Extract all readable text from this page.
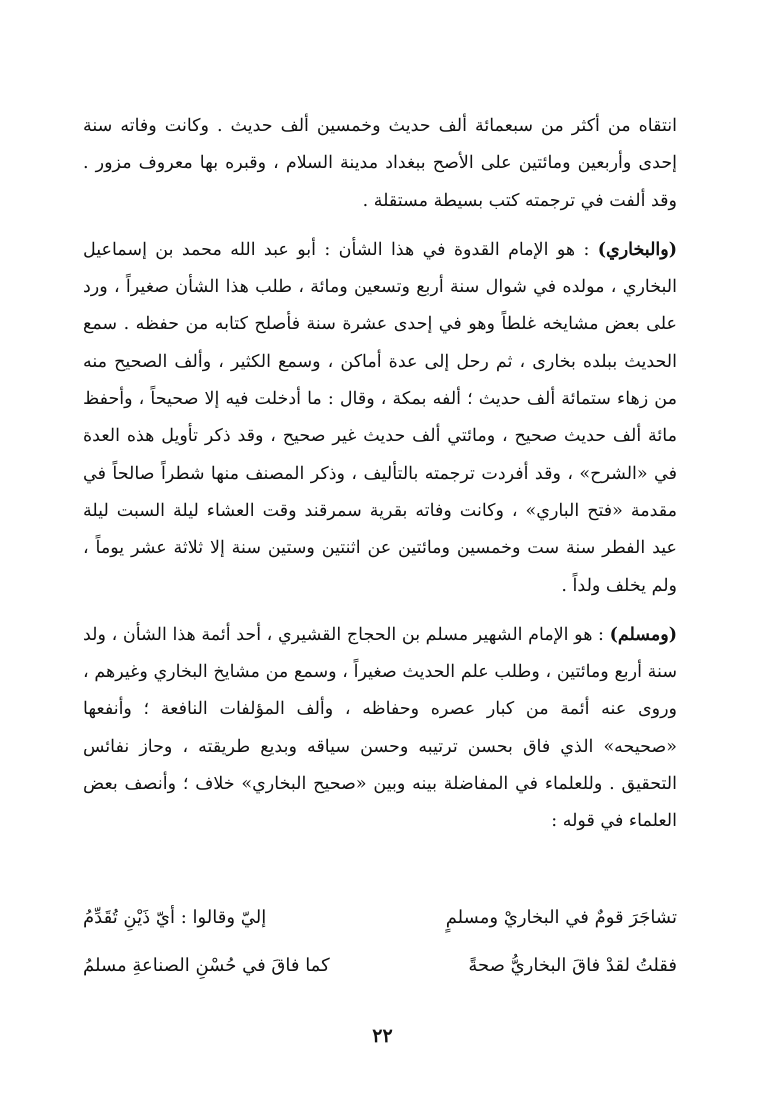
انتقاه من أكثر من سبعمائة ألف حديث وخمسين ألف حديث . وكانت وفاته سنة إحدى وأربعين ومائتين على الأصح ببغداد مدينة السلام ، وقبره بها معروف مزور . وقد ألفت في ترجمته كتب بسيطة مستقلة .

(والبخاري) : هو الإمام القدوة في هذا الشأن : أبو عبد الله محمد بن إسماعيل البخاري ، مولده في شوال سنة أربع وتسعين ومائة ، طلب هذا الشأن صغيراً ، ورد على بعض مشايخه غلطاً وهو في إحدى عشرة سنة فأصلح كتابه من حفظه . سمع الحديث ببلده بخارى ، ثم رحل إلى عدة أماكن ، وسمع الكثير ، وألف الصحيح منه من زهاء ستمائة ألف حديث ؛ ألفه بمكة ، وقال : ما أدخلت فيه إلا صحيحاً ، وأحفظ مائة ألف حديث صحيح ، ومائتي ألف حديث غير صحيح ، وقد ذكر تأويل هذه العدة في «الشرح» ، وقد أفردت ترجمته بالتأليف ، وذكر المصنف منها شطراً صالحاً في مقدمة «فتح الباري» ، وكانت وفاته بقرية سمرقند وقت العشاء ليلة السبت ليلة عيد الفطر سنة ست وخمسين ومائتين عن اثنتين وستين سنة إلا ثلاثة عشر يوماً ، ولم يخلف ولداً .

(ومسلم) : هو الإمام الشهير مسلم بن الحجاج القشيري ، أحد أئمة هذا الشأن ، ولد سنة أربع ومائتين ، وطلب علم الحديث صغيراً ، وسمع من مشايخ البخاري وغيرهم ، وروى عنه أئمة من كبار عصره وحفاظه ، وألف المؤلفات النافعة ؛ وأنفعها «صحيحه» الذي فاق بحسن ترتيبه وحسن سياقه وبديع طريقته ، وحاز نفائس التحقيق . وللعلماء في المفاضلة بينه وبين «صحيح البخاري» خلاف ؛ وأنصف بعض العلماء في قوله :

تشاجَرَ قومٌ في البخاريْ ومسلمٍ
إليّ وقالوا : أيّ ذَيْنِ تُقَدِّمُ
فقلتُ لقدْ فاقَ البخاريُّ صحةً
كما فاقَ في حُسْنِ الصناعةِ مسلمُ
٢٢
